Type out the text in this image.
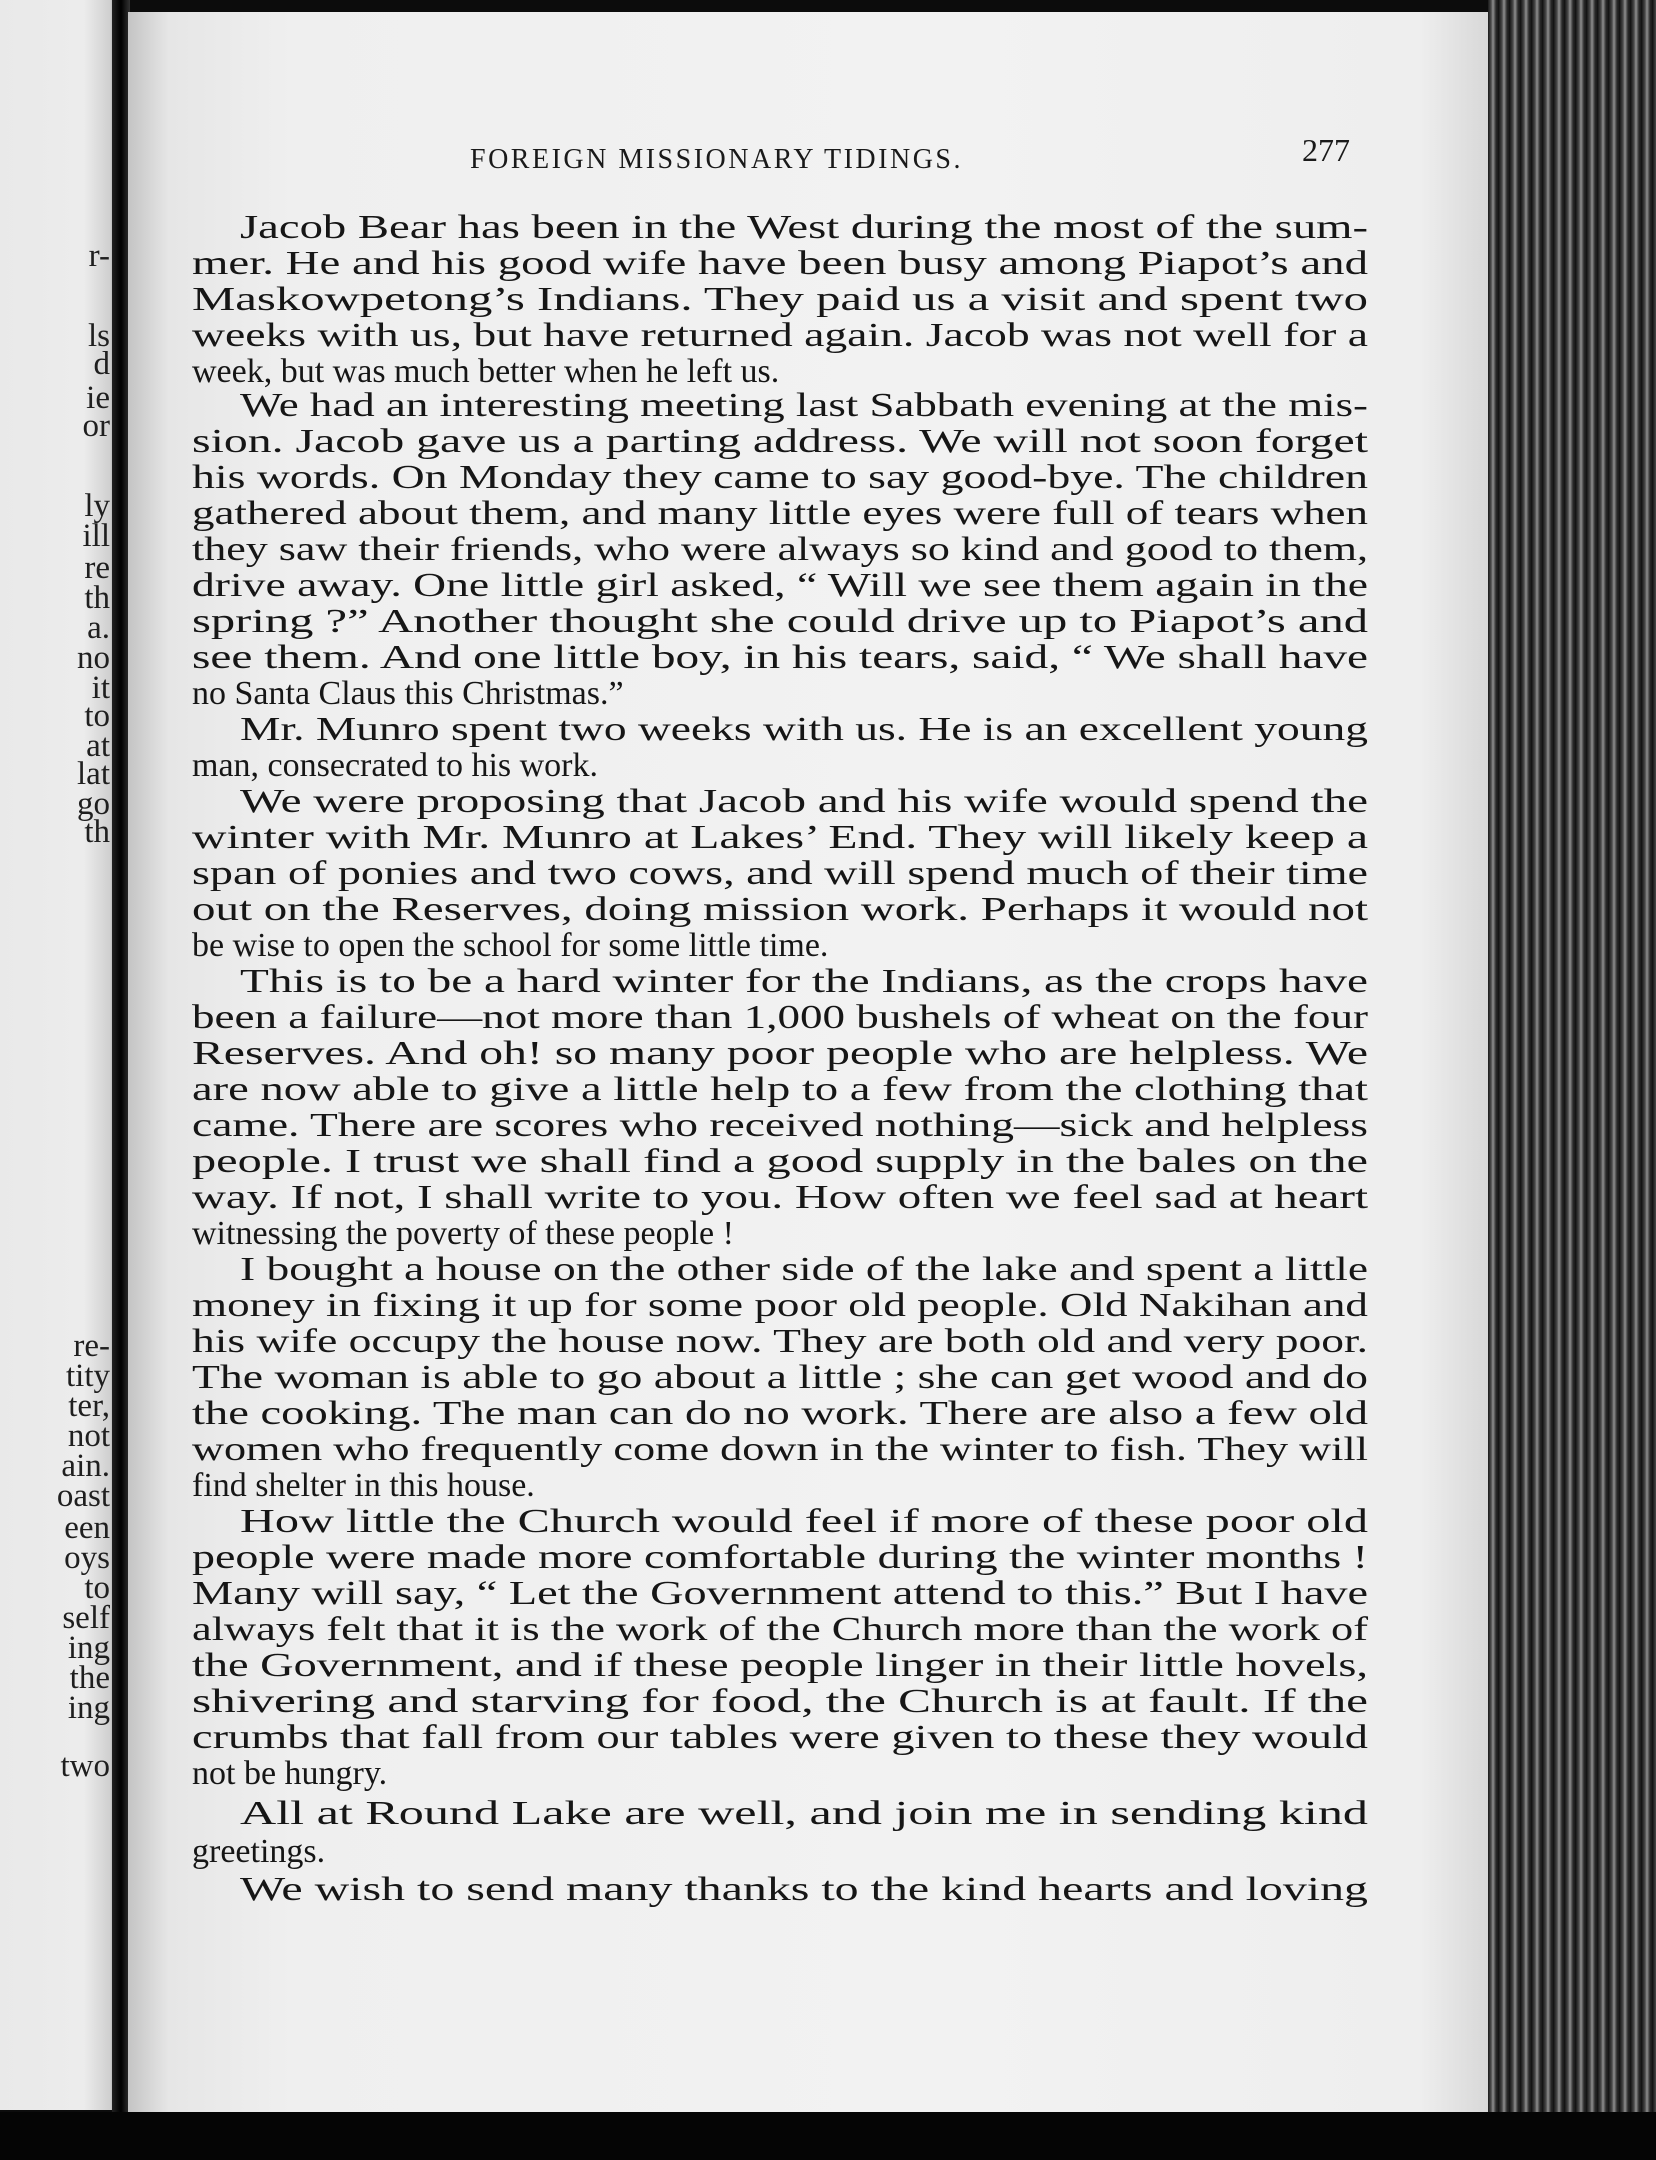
r-
ls
d
ie
or
ly
ill
re
th
a.
no
it
to
at
lat
go
th
re-
tity
ter,
not
ain.
oast
een
oys
to
self
ing
the
ing
two
FOREIGN MISSIONARY TIDINGS.	277
Jacob Bear has been in the West during the most of the sum-
mer. He and his good wife have been busy among Piapot’s and
Maskowpetong’s Indians. They paid us a visit and spent two
weeks with us, but have returned again. Jacob was not well for a
week, but was much better when he left us.
We had an interesting meeting last Sabbath evening at the mis-
sion. Jacob gave us a parting address. We will not soon forget
his words. On Monday they came to say good-bye. The children
gathered about them, and many little eyes were full of tears when
they saw their friends, who were always so kind and good to them,
drive away. One little girl asked, “ Will we see them again in the
spring ?” Another thought she could drive up to Piapot’s and
see them. And one little boy, in his tears, said, “ We shall have
no Santa Claus this Christmas.”
Mr. Munro spent two weeks with us. He is an excellent young
man, consecrated to his work.
We were proposing that Jacob and his wife would spend the
winter with Mr. Munro at Lakes’ End. They will likely keep a
span of ponies and two cows, and will spend much of their time
out on the Reserves, doing mission work. Perhaps it would not
be wise to open the school for some little time.
This is to be a hard winter for the Indians, as the crops have
been a failure—not more than 1,000 bushels of wheat on the four
Reserves. And oh! so many poor people who are helpless. We
are now able to give a little help to a few from the clothing that
came. There are scores who received nothing—sick and helpless
people. I trust we shall find a good supply in the bales on the
way. If not, I shall write to you. How often we feel sad at heart
witnessing the poverty of these people !
I bought a house on the other side of the lake and spent a little
money in fixing it up for some poor old people. Old Nakihan and
his wife occupy the house now. They are both old and very poor.
The woman is able to go about a little ; she can get wood and do
the cooking. The man can do no work. There are also a few old
women who frequently come down in the winter to fish. They will
find shelter in this house.
How little the Church would feel if more of these poor old
people were made more comfortable during the winter months !
Many will say, “ Let the Government attend to this.” But I have
always felt that it is the work of the Church more than the work of
the Government, and if these people linger in their little hovels,
shivering and starving for food, the Church is at fault. If the
crumbs that fall from our tables were given to these they would
not be hungry.
All at Round Lake are well, and join me in sending kind
greetings.
We wish to send many thanks to the kind hearts and loving
